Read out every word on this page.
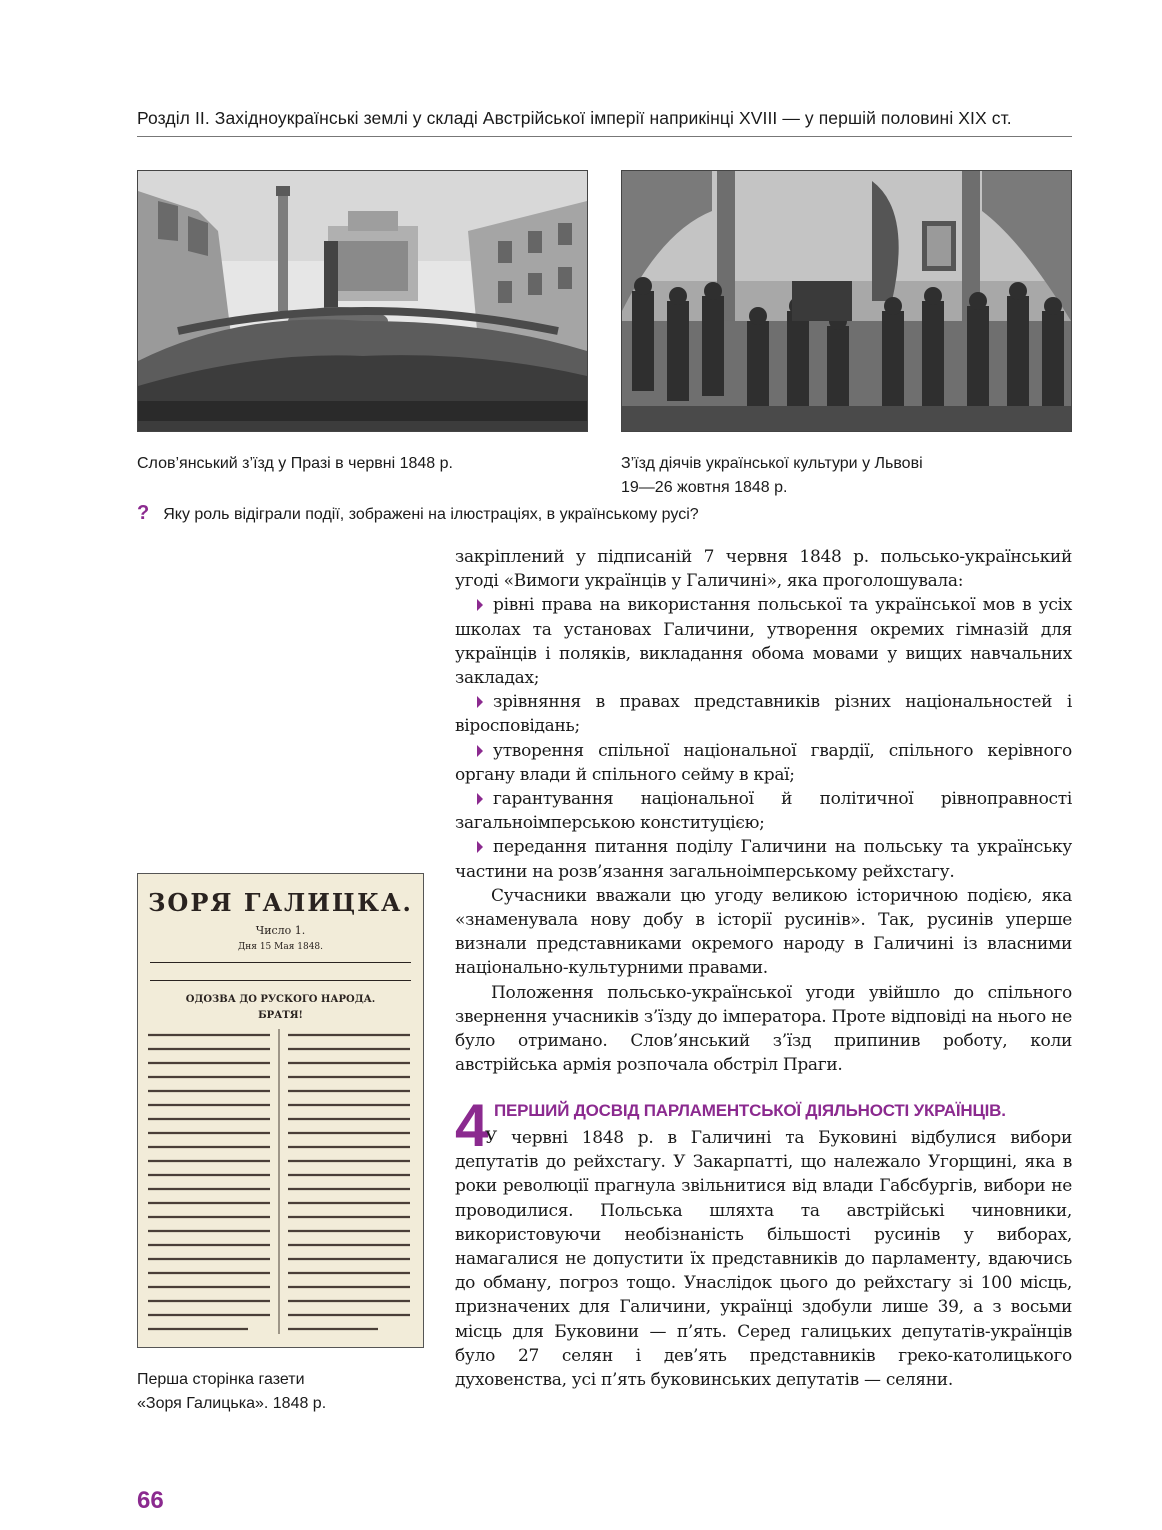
Розділ ІІ. Західноукраїнські землі у складі Австрійської імперії наприкінці XVIII — у першій половині XIX ст.
Слов’янський з’їзд у Празі в червні 1848 р.	З’їзд діячів української культури у Львові
19—26 жовтня 1848 р.
? Яку роль відіграли події, зображені на ілюстраціях, в українському русі?

закріплений у підписаній 7 червня 1848 р. польсько-український угоді «Вимоги українців у Галичині», яка проголошувала:

рівні права на використання польської та української мов в усіх школах та установах Галичини, утворення окремих гімназій для українців і поляків, викладання обома мовами у вищих навчальних закладах;

зрівняння в правах представників різних національностей і віросповідань;

утворення спільної національної гвардії, спільного керівного органу влади й спільного сейму в краї;

гарантування національної й політичної рівноправності загальноімперською конституцією;

передання питання поділу Галичини на польську та українську частини на розв’язання загальноімперському рейхстагу.

Сучасники вважали цю угоду великою історичною подією, яка «знаменувала нову добу в історії русинів». Так, русинів уперше визнали представниками окремого народу в Галичині із власними національно-культурними правами.

Положення польсько-української угоди увійшло до спільного звернення учасників з’їзду до імператора. Проте відповіді на нього не було отримано. Слов’янський з’їзд припинив роботу, коли австрійська армія розпочала обстріл Праги.

4 ПЕРШИЙ ДОСВІД ПАРЛАМЕНТСЬКОЇ ДІЯЛЬНОСТІ УКРАЇНЦІВ.

У червні 1848 р. в Галичині та Буковині відбулися вибори депутатів до рейхстагу. У Закарпатті, що належало Угорщині, яка в роки революції прагнула звільнитися від влади Габсбургів, вибори не проводилися. Польська шляхта та австрійські чиновники, використовуючи необізнаність більшості русинів у виборах, намагалися не допустити їх представників до парламенту, вдаючись до обману, погроз тощо. Унаслідок цього до рейхстагу зі 100 місць, призначених для Галичини, українці здобули лише 39, а з восьми місць для Буковини — п’ять. Серед галицьких депутатів-українців було 27 селян і дев’ять представників греко-католицького духовенства, усі п’ять буковинських депутатів — селяни.

ЗОРЯ ГАЛИЦКА.
Число 1.
Дня 15 Мая 1848.
ОДОЗВА ДО РУСКОГО НАРОДА.
БРАТЯ!
Перша сторінка газети
«Зоря Галицька». 1848 р.
66
